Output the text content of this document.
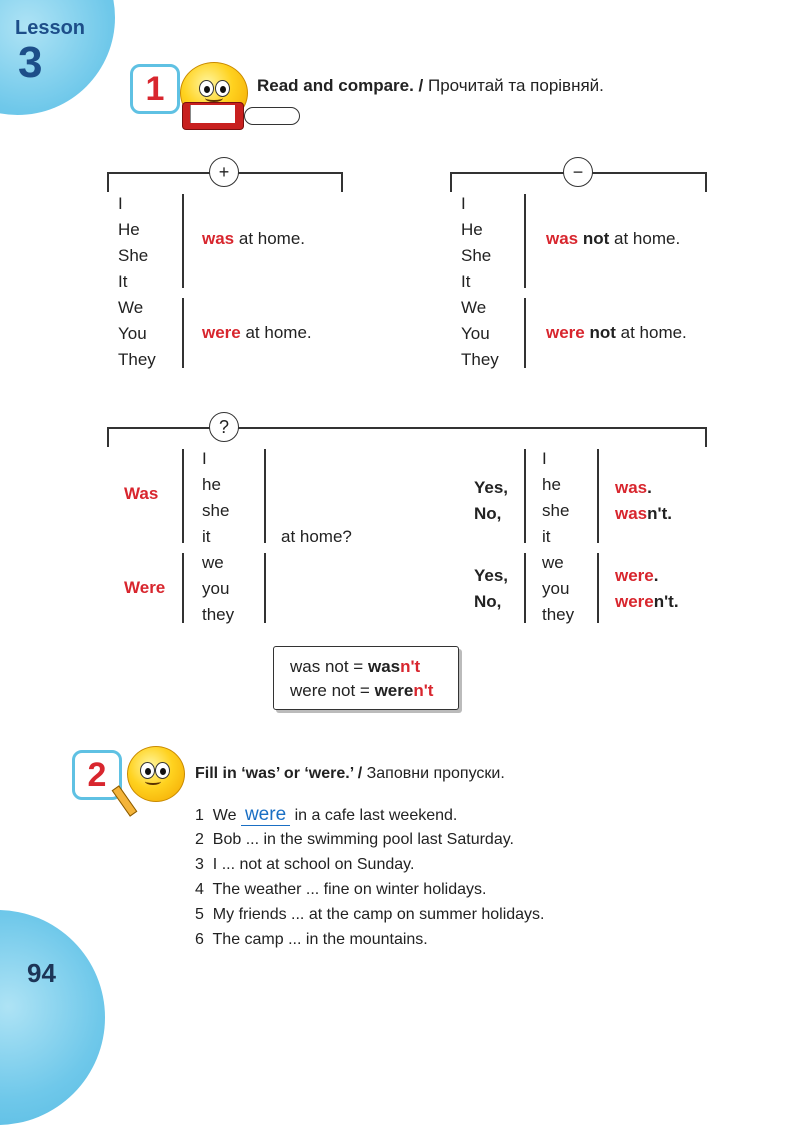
Lesson
3
1	Read and compare. / Прочитай та порівняй.
+
I
He
She
It
We
You
They
was at home.
were at home.
−
I
He
She
It
We
You
They
was not at home.
were not at home.
?
Was
Were
I
he
she
it
we
you
they
at home?
Yes,
No,
Yes,
No,
I
he
she
it
we
you
they
was.
wasn't.
were.
weren't.
was not = wasn't
were not = weren't
2	Fill in ‘was’ or ‘were.’ / Заповни пропуски.
1 We were in a cafe last weekend.
2 Bob ... in the swimming pool last Saturday.
3 I ... not at school on Sunday.
4 The weather ... fine on winter holidays.
5 My friends ... at the camp on summer holidays.
6 The camp ... in the mountains.
94
